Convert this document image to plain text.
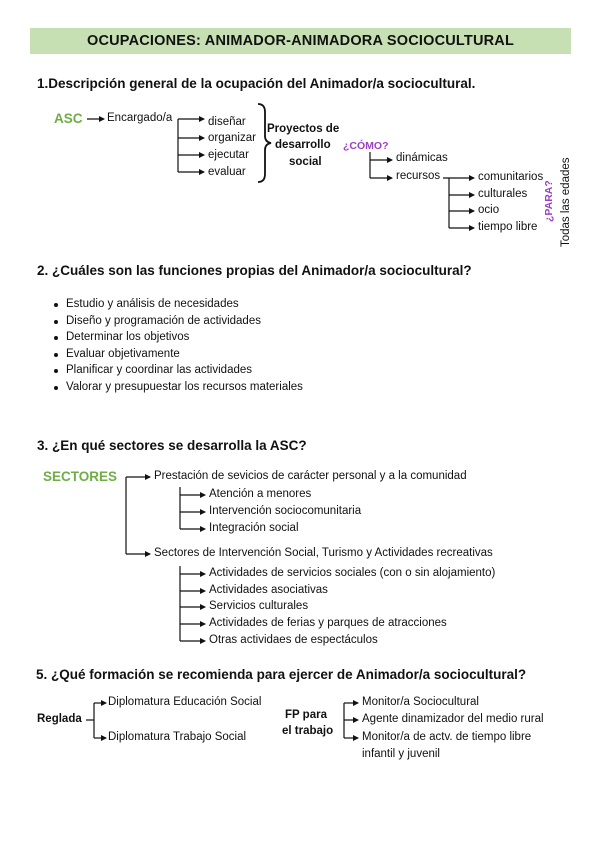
OCUPACIONES: ANIMADOR-ANIMADORA SOCIOCULTURAL
1.Descripción general de la ocupación del Animador/a sociocultural.
ASC Encargado/a	diseñar
organizar
ejecutar
evaluar
Proyectos de
desarrollo
social
¿CÓMO?
dinámicas
recursos	comunitarios
culturales
ocio
tiempo libre
¿PARA? Todas las edades
2. ¿Cuáles son las funciones propias del Animador/a sociocultural?
Estudio y análisis de necesidades
Diseño y programación de actividades
Determinar los objetivos
Evaluar objetivamente
Planificar y coordinar las actividades
Valorar y presupuestar los recursos materiales
3. ¿En qué sectores se desarrolla la ASC?
SECTORES	Prestación de sevicios de carácter personal y a la comunidad
Atención a menores
Intervención sociocomunitaria
Integración social
Sectores de Intervención Social, Turismo y Actividades recreativas
Actividades de servicios sociales (con o sin alojamiento)
Actividades asociativas
Servicios culturales
Actividades de ferias y parques de atracciones
Otras actividaes de espectáculos
5. ¿Qué formación se recomienda para ejercer de Animador/a sociocultural?
Reglada
Diplomatura Educación Social
Diplomatura Trabajo Social
FP para
el trabajo
Monitor/a Sociocultural
Agente dinamizador del medio rural
Monitor/a de actv. de tiempo libre
infantil y juvenil
